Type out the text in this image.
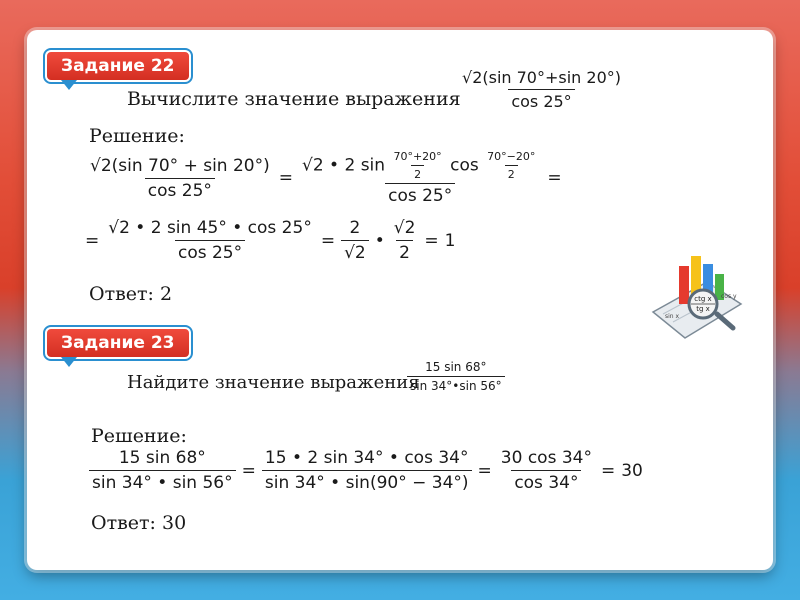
Задание 22
Вычислите значение выражения
$\frac{√2(\sin 70^\circ+\sin 20^\circ)}{\cos 25^\circ}$
Решение:
$\frac{√2(\sin 70^\circ + \sin 20^\circ)}{\cos 25^\circ}$ =
√2 • 2 $\sin \frac{70^\circ+20^\circ}{2}$ $\cos \frac{70^\circ-20^\circ}{2}$
cos 25°
=
= $\frac{√2 • 2 \sin 45^\circ • \cos 25^\circ}{\cos 25^\circ} = \frac{2}{√2}$ • $\frac{√2}{2} = 1$
Ответ: 2
Задание 23
Найдите значение выражения
$\frac{15 \sin 68^\circ}{\sin 34^\circ•\sin 56^\circ}$
Решение:
$\frac{15 \sin 68^\circ}{\sin 34^\circ • \sin 56^\circ} = \frac{15 • 2 \sin 34^\circ • \cos 34^\circ}{\sin 34^\circ • \sin(90^\circ - 34^\circ)} = \frac{30 \cos 34^\circ}{\cos 34^\circ} = 30$
Ответ: 30
ctg x
tg x
sin x
cos y
